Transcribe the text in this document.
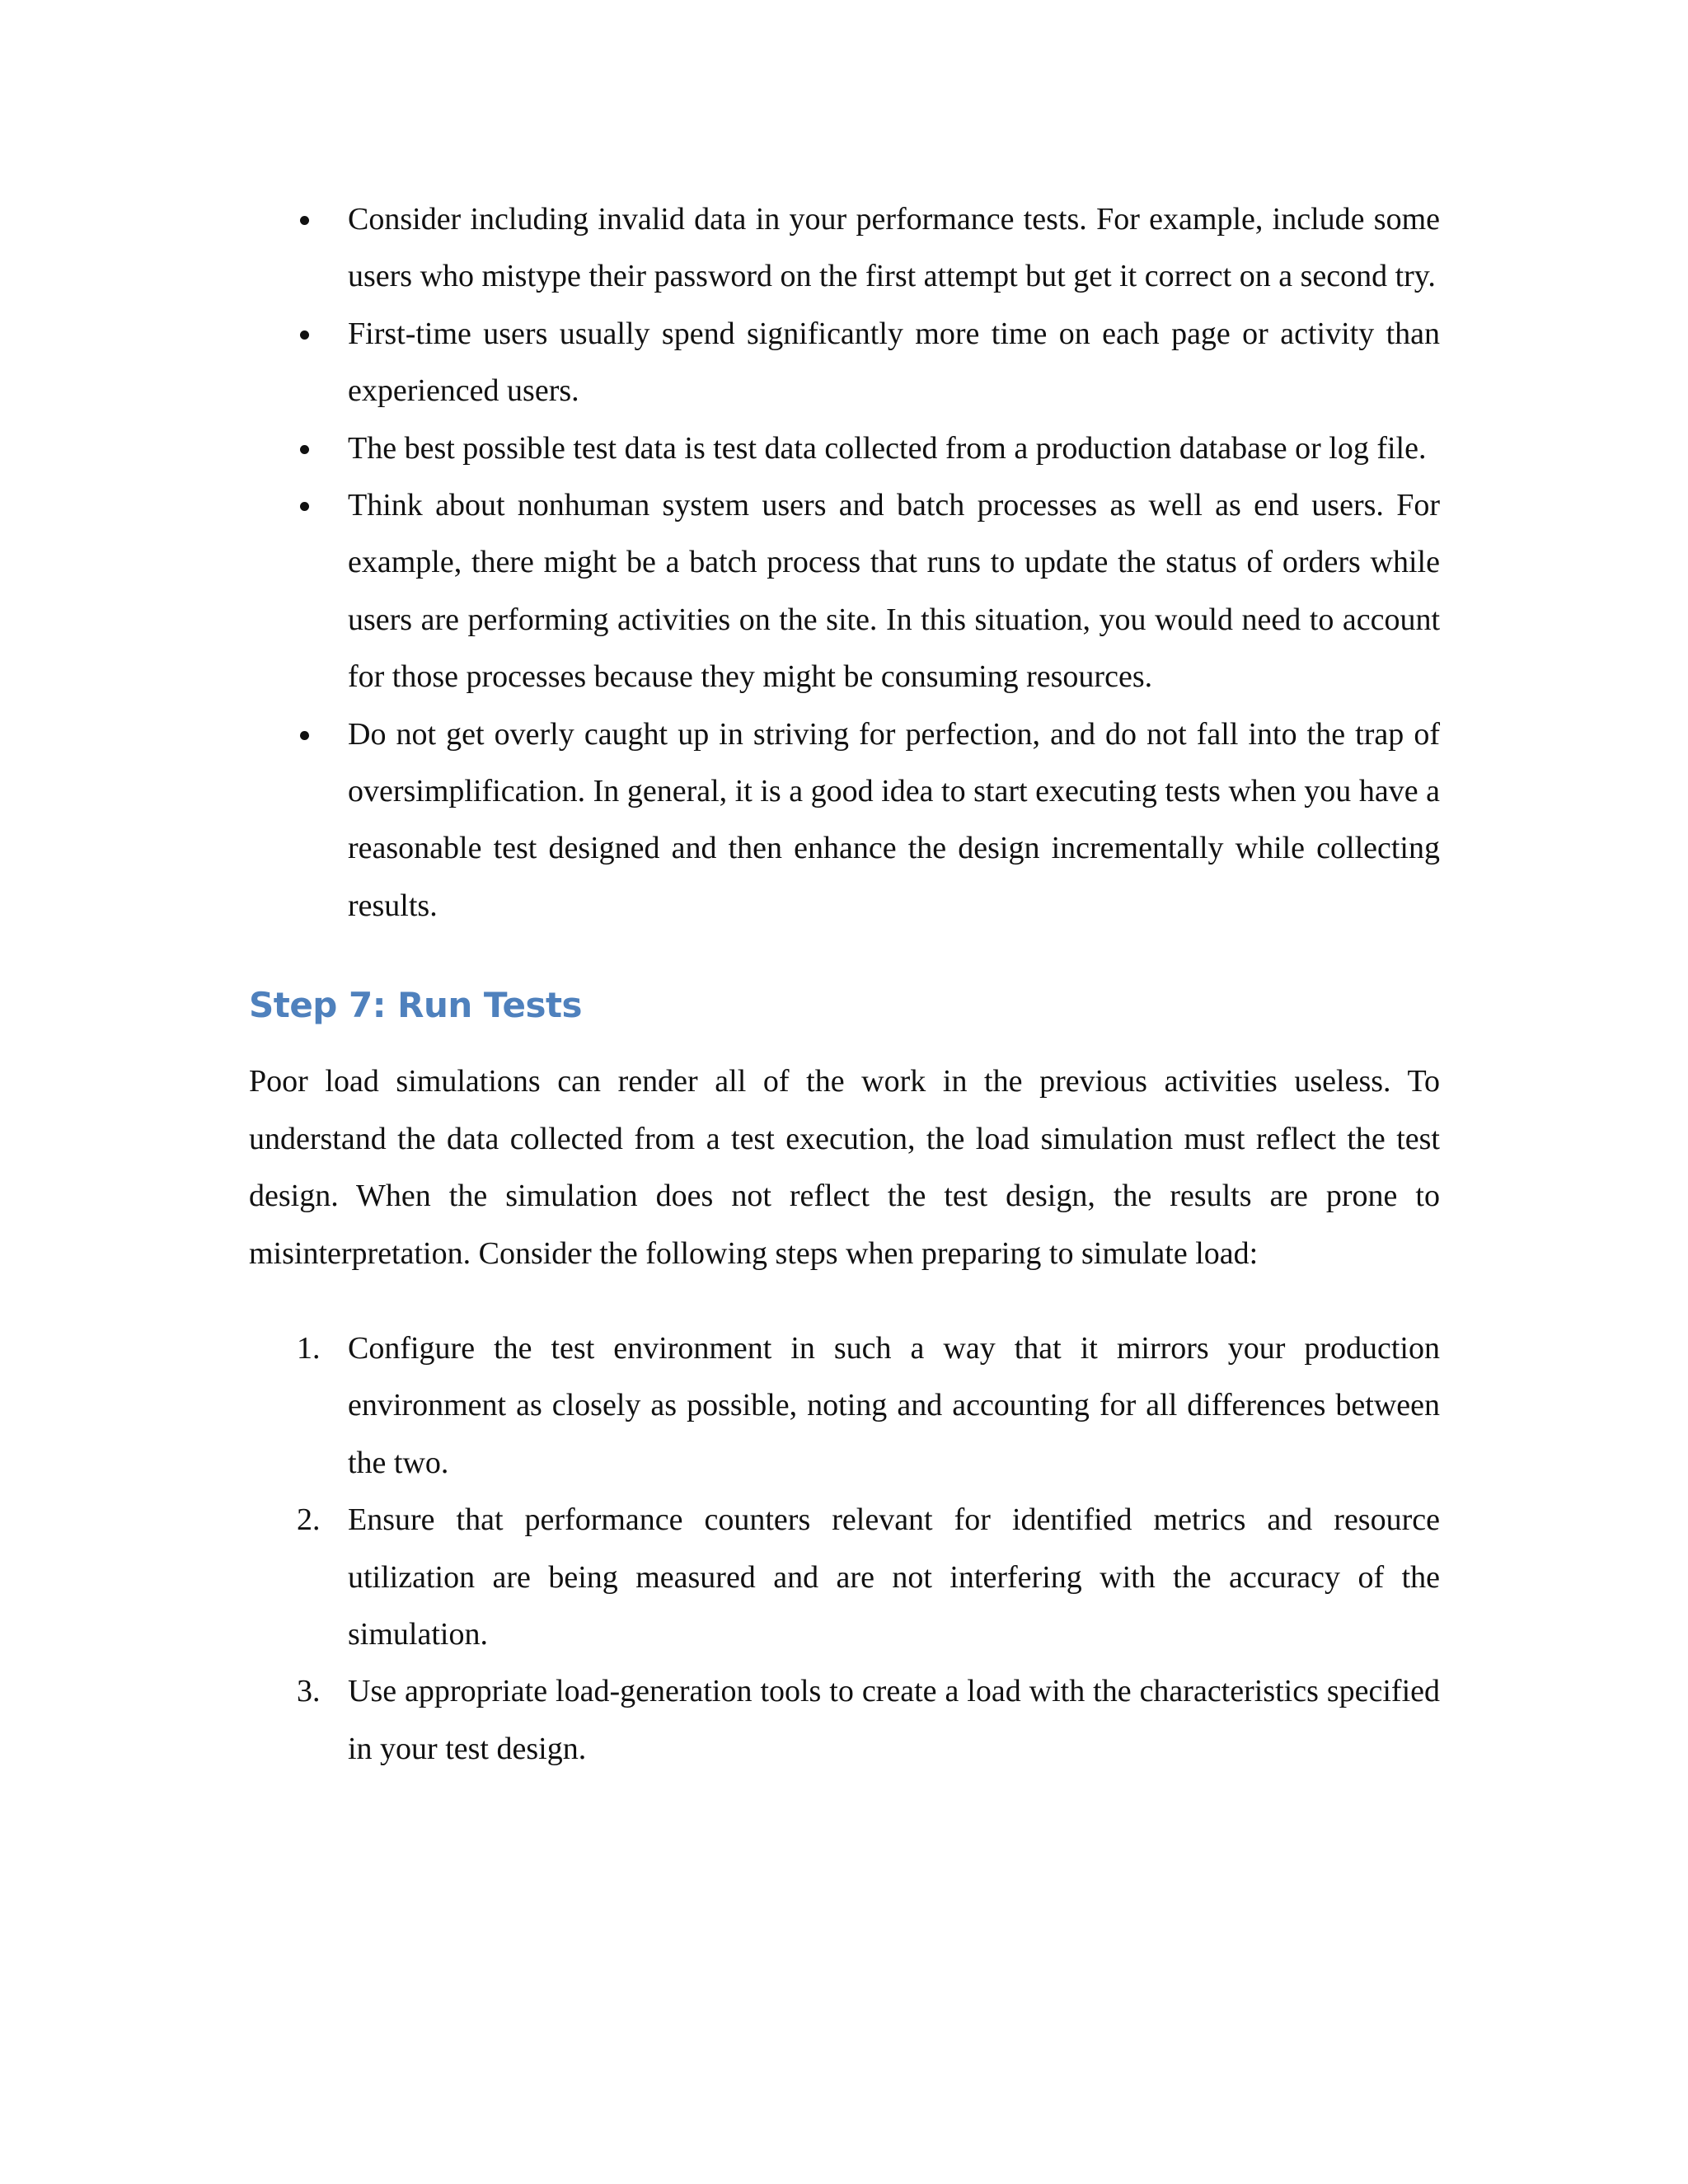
Consider including invalid data in your performance tests. For example, include some users who mistype their password on the first attempt but get it correct on a second try.
First-time users usually spend significantly more time on each page or activity than experienced users.
The best possible test data is test data collected from a production database or log file.
Think about nonhuman system users and batch processes as well as end users. For example, there might be a batch process that runs to update the status of orders while users are performing activities on the site. In this situation, you would need to account for those processes because they might be consuming resources.
Do not get overly caught up in striving for perfection, and do not fall into the trap of oversimplification. In general, it is a good idea to start executing tests when you have a reasonable test designed and then enhance the design incrementally while collecting results.
Step 7: Run Tests

Poor load simulations can render all of the work in the previous activities useless. To understand the data collected from a test execution, the load simulation must reflect the test design. When the simulation does not reflect the test design, the results are prone to misinterpretation. Consider the following steps when preparing to simulate load:

1. Configure the test environment in such a way that it mirrors your production environment as closely as possible, noting and accounting for all differences between the two.
2. Ensure that performance counters relevant for identified metrics and resource utilization are being measured and are not interfering with the accuracy of the simulation.
3. Use appropriate load-generation tools to create a load with the characteristics specified in your test design.
